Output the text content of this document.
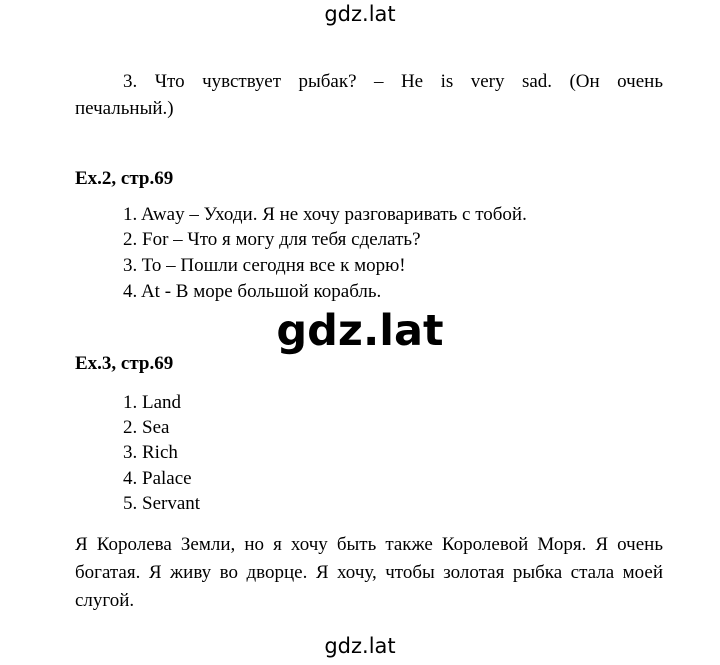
gdz.lat
3. Что чувствует рыбак? – He is very sad. (Он очень
печальный.)
Ex.2, стр.69
1. Away – Уходи. Я не хочу разговаривать с тобой.
2. For – Что я могу для тебя сделать?
3. To – Пошли сегодня все к морю!
4. At - В море большой корабль.
gdz.lat
Ex.3, стр.69
1. Land
2. Sea
3. Rich
4. Palace
5. Servant
Я Королева Земли, но я хочу быть также Королевой Моря. Я очень
богатая. Я живу во дворце. Я хочу, чтобы золотая рыбка стала моей
слугой.
gdz.lat
